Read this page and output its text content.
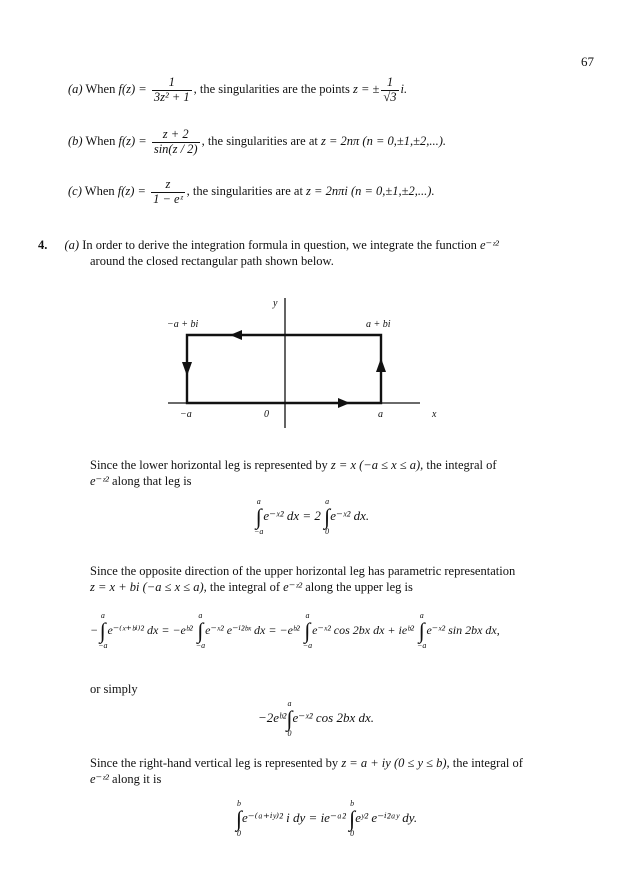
67
(a) When $f(z) = \frac{1}{\text{3z² + 1}}$ , the singularities are the points z = ± $\frac{1}{√3} i$.
(b) When $f(z) = \frac{z + 2}{\sin(z / 2)}$ , the singularities are at z = 2nπ (n = 0,±1,±2,...).
(c) When $f(z) = \frac{z}{\text{1 − eᶻ}}$ , the singularities are at z = 2nπi (n = 0,±1,±2,...).
4. (a) In order to derive the integration formula in question, we integrate the function e⁻ᶻ²
around the closed rectangular path shown below.
y
−a + bi	a + bi
−a	0	a	x
Since the lower horizontal leg is represented by z = x (−a ≤ x ≤ a), the integral of
e⁻ᶻ² along that leg is
a
∫
−ae⁻ˣ² dx = 2 a
∫
0e⁻ˣ² dx.
Since the opposite direction of the upper horizontal leg has parametric representation
z = x + bi (−a ≤ x ≤ a), the integral of e⁻ᶻ² along the upper leg is
−a
∫
−ae⁻⁽ˣ⁺ᵇⁱ⁾² dx = −eᵇ² a
∫
−ae⁻ˣ² e⁻ⁱ²ᵇˣ dx = −eᵇ² a
∫
−ae⁻ˣ² cos 2bx dx + ieᵇ² a
∫
−ae⁻ˣ² sin 2bx dx,
or simply
−2eᵇ²a
∫
0e⁻ˣ² cos 2bx dx.
Since the right-hand vertical leg is represented by z = a + iy (0 ≤ y ≤ b), the integral of
e⁻ᶻ² along it is
b
∫
0e⁻⁽ᵃ⁺ⁱʸ⁾² i dy = ie⁻ᵃ² b
∫
0eʸ² e⁻ⁱ²ᵃʸ dy.
